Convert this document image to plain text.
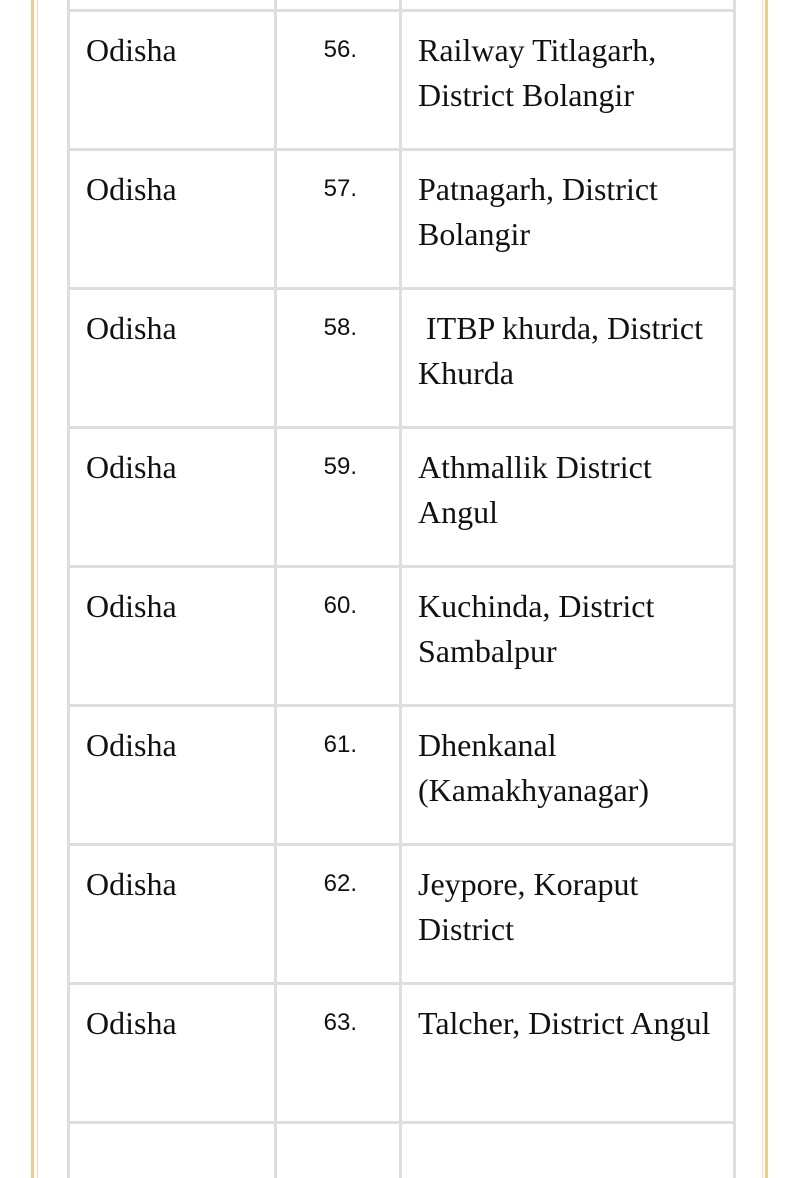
Odisha	56.	Railway Titlagarh, District Bolangir
Odisha	57.	Patnagarh, District Bolangir
Odisha	58.	ITBP khurda, District Khurda
Odisha	59.	Athmallik District Angul
Odisha	60.	Kuchinda, District Sambalpur
Odisha	61.	Dhenkanal (Kamakhyanagar)
Odisha	62.	Jeypore, Koraput District
Odisha	63.	Talcher, District Angul
